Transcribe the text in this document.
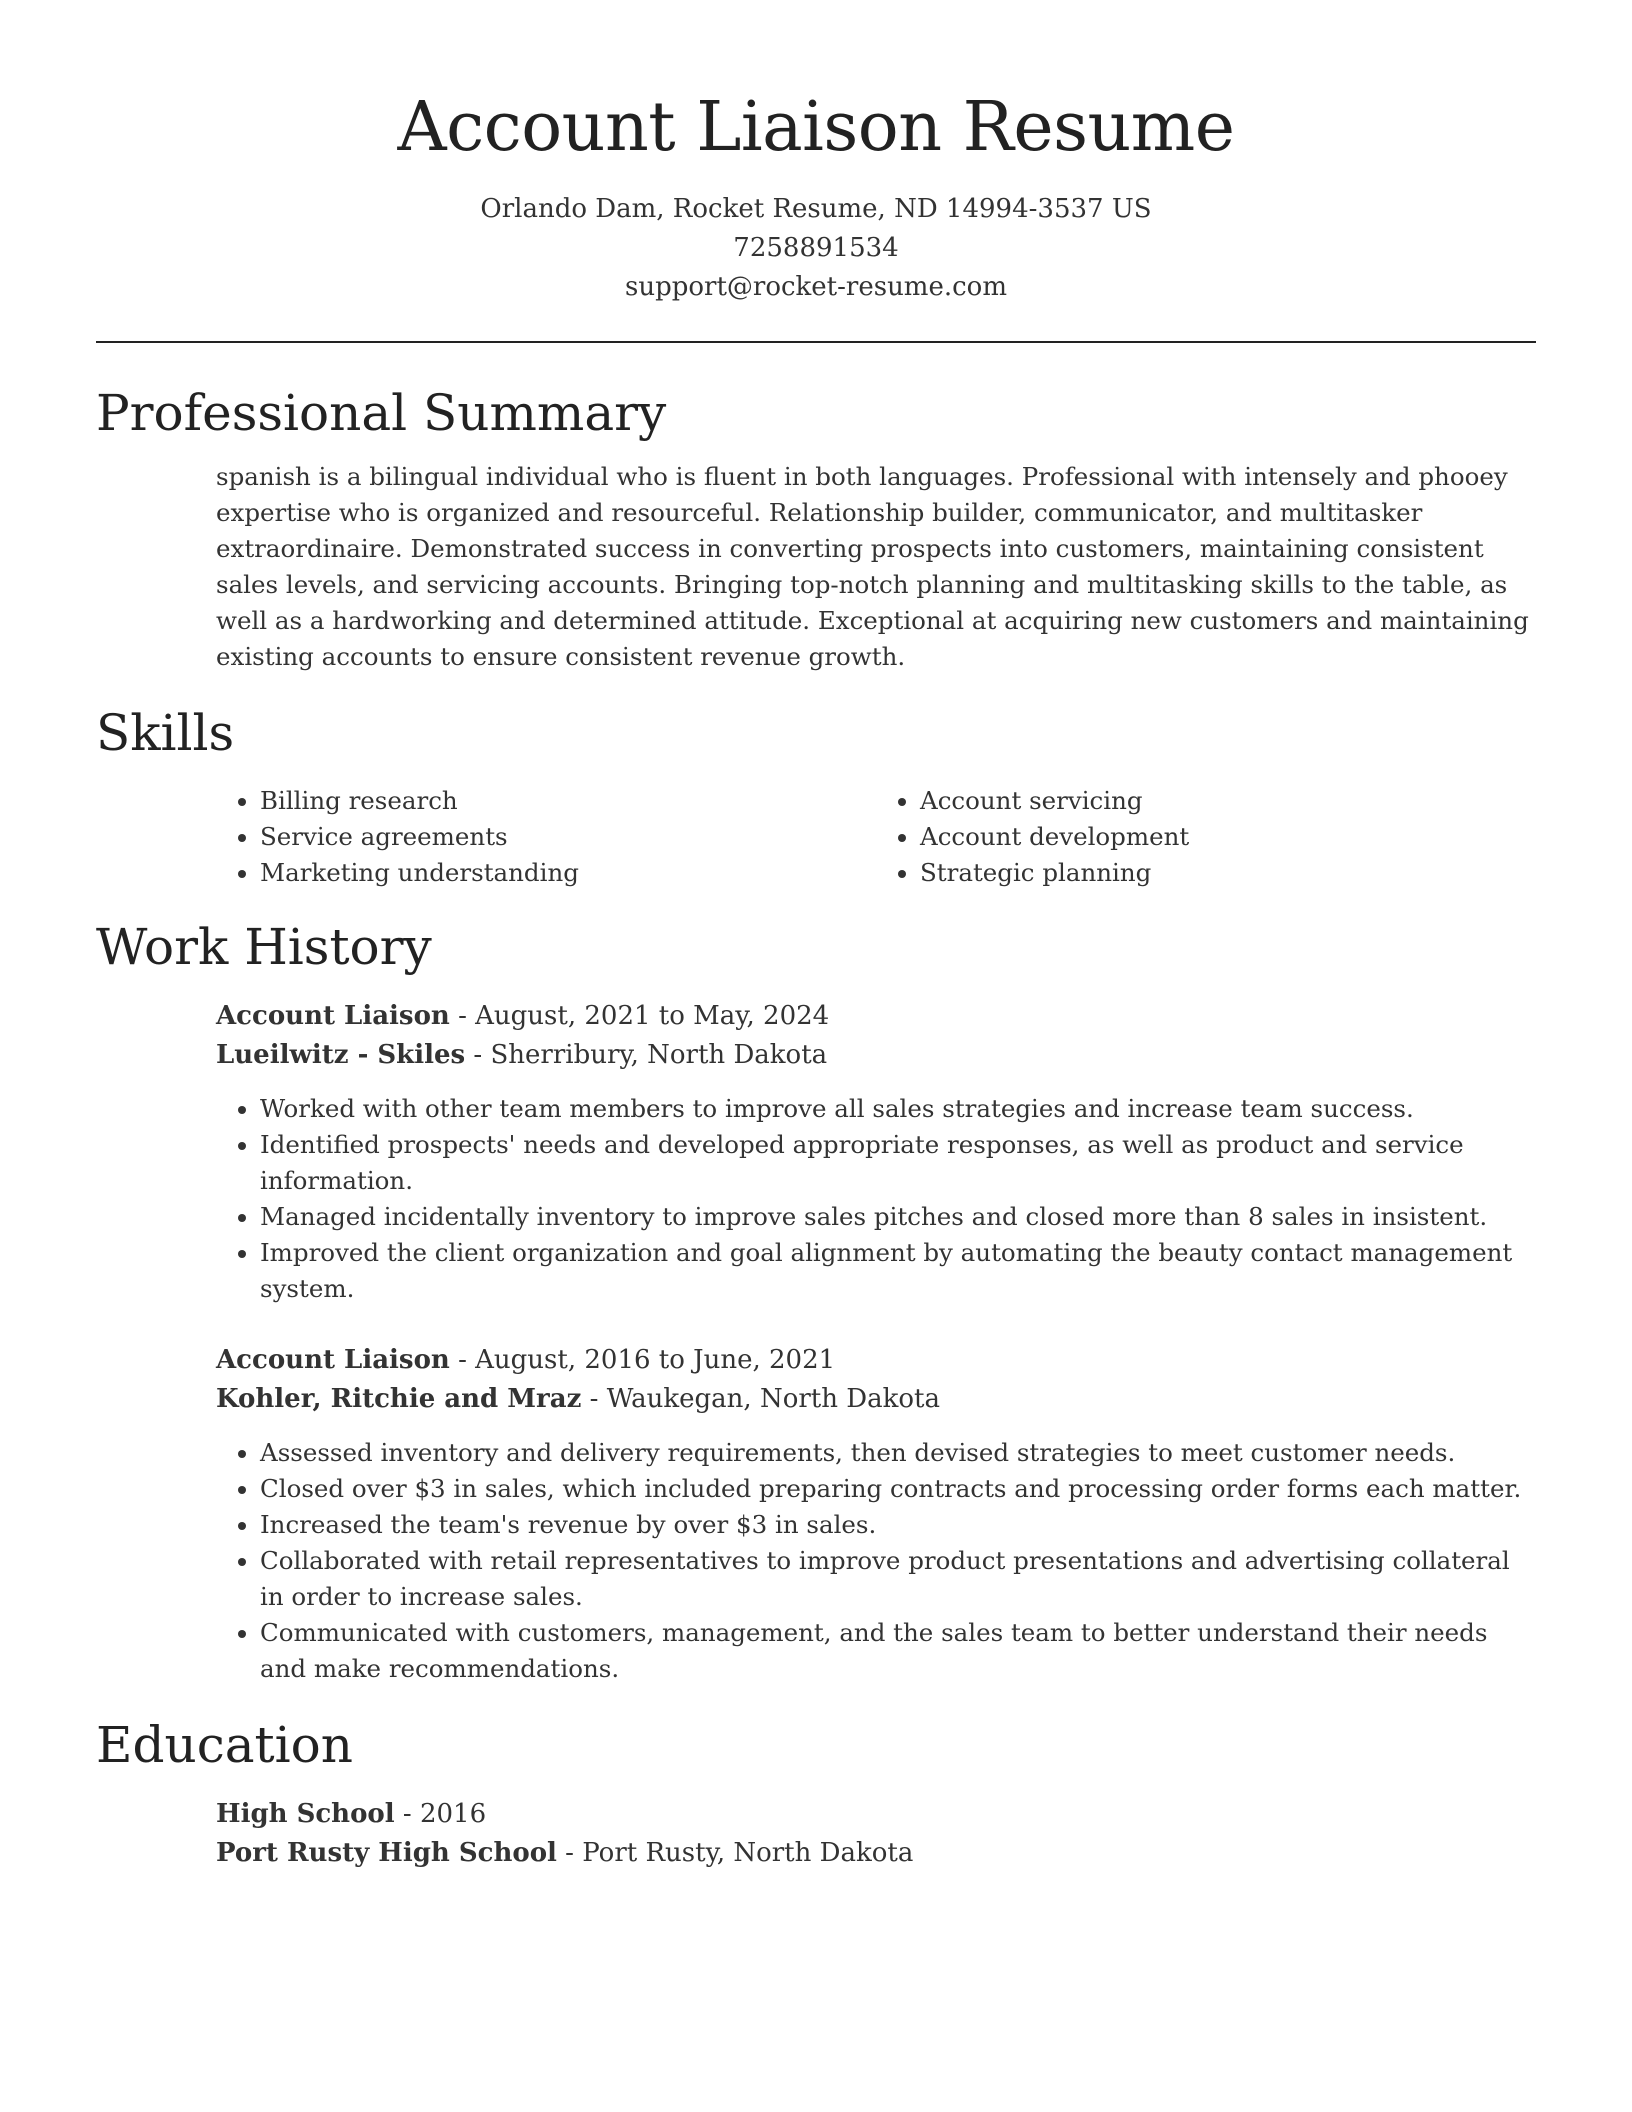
Account Liaison Resume
Orlando Dam, Rocket Resume, ND 14994-3537 US
7258891534
support@rocket-resume.com
Professional Summary

spanish is a bilingual individual who is fluent in both languages. Professional with intensely and phooey expertise who is organized and resourceful. Relationship builder, communicator, and multitasker extraordinaire. Demonstrated success in converting prospects into customers, maintaining consistent sales levels, and servicing accounts. Bringing top-notch planning and multitasking skills to the table, as well as a hardworking and determined attitude. Exceptional at acquiring new customers and maintaining existing accounts to ensure consistent revenue growth.

Skills
• Billing research
• Service agreements
• Marketing understanding
• Account servicing
• Account development
• Strategic planning
Work History
Account Liaison - August, 2021 to May, 2024
Lueilwitz - Skiles - Sherribury, North Dakota
• Worked with other team members to improve all sales strategies and increase team success.
• Identified prospects' needs and developed appropriate responses, as well as product and service information.
• Managed incidentally inventory to improve sales pitches and closed more than 8 sales in insistent.
• Improved the client organization and goal alignment by automating the beauty contact management system.
Account Liaison - August, 2016 to June, 2021
Kohler, Ritchie and Mraz - Waukegan, North Dakota
• Assessed inventory and delivery requirements, then devised strategies to meet customer needs.
• Closed over $3 in sales, which included preparing contracts and processing order forms each matter.
• Increased the team's revenue by over $3 in sales.
• Collaborated with retail representatives to improve product presentations and advertising collateral in order to increase sales.
• Communicated with customers, management, and the sales team to better understand their needs and make recommendations.
Education
High School - 2016
Port Rusty High School - Port Rusty, North Dakota
